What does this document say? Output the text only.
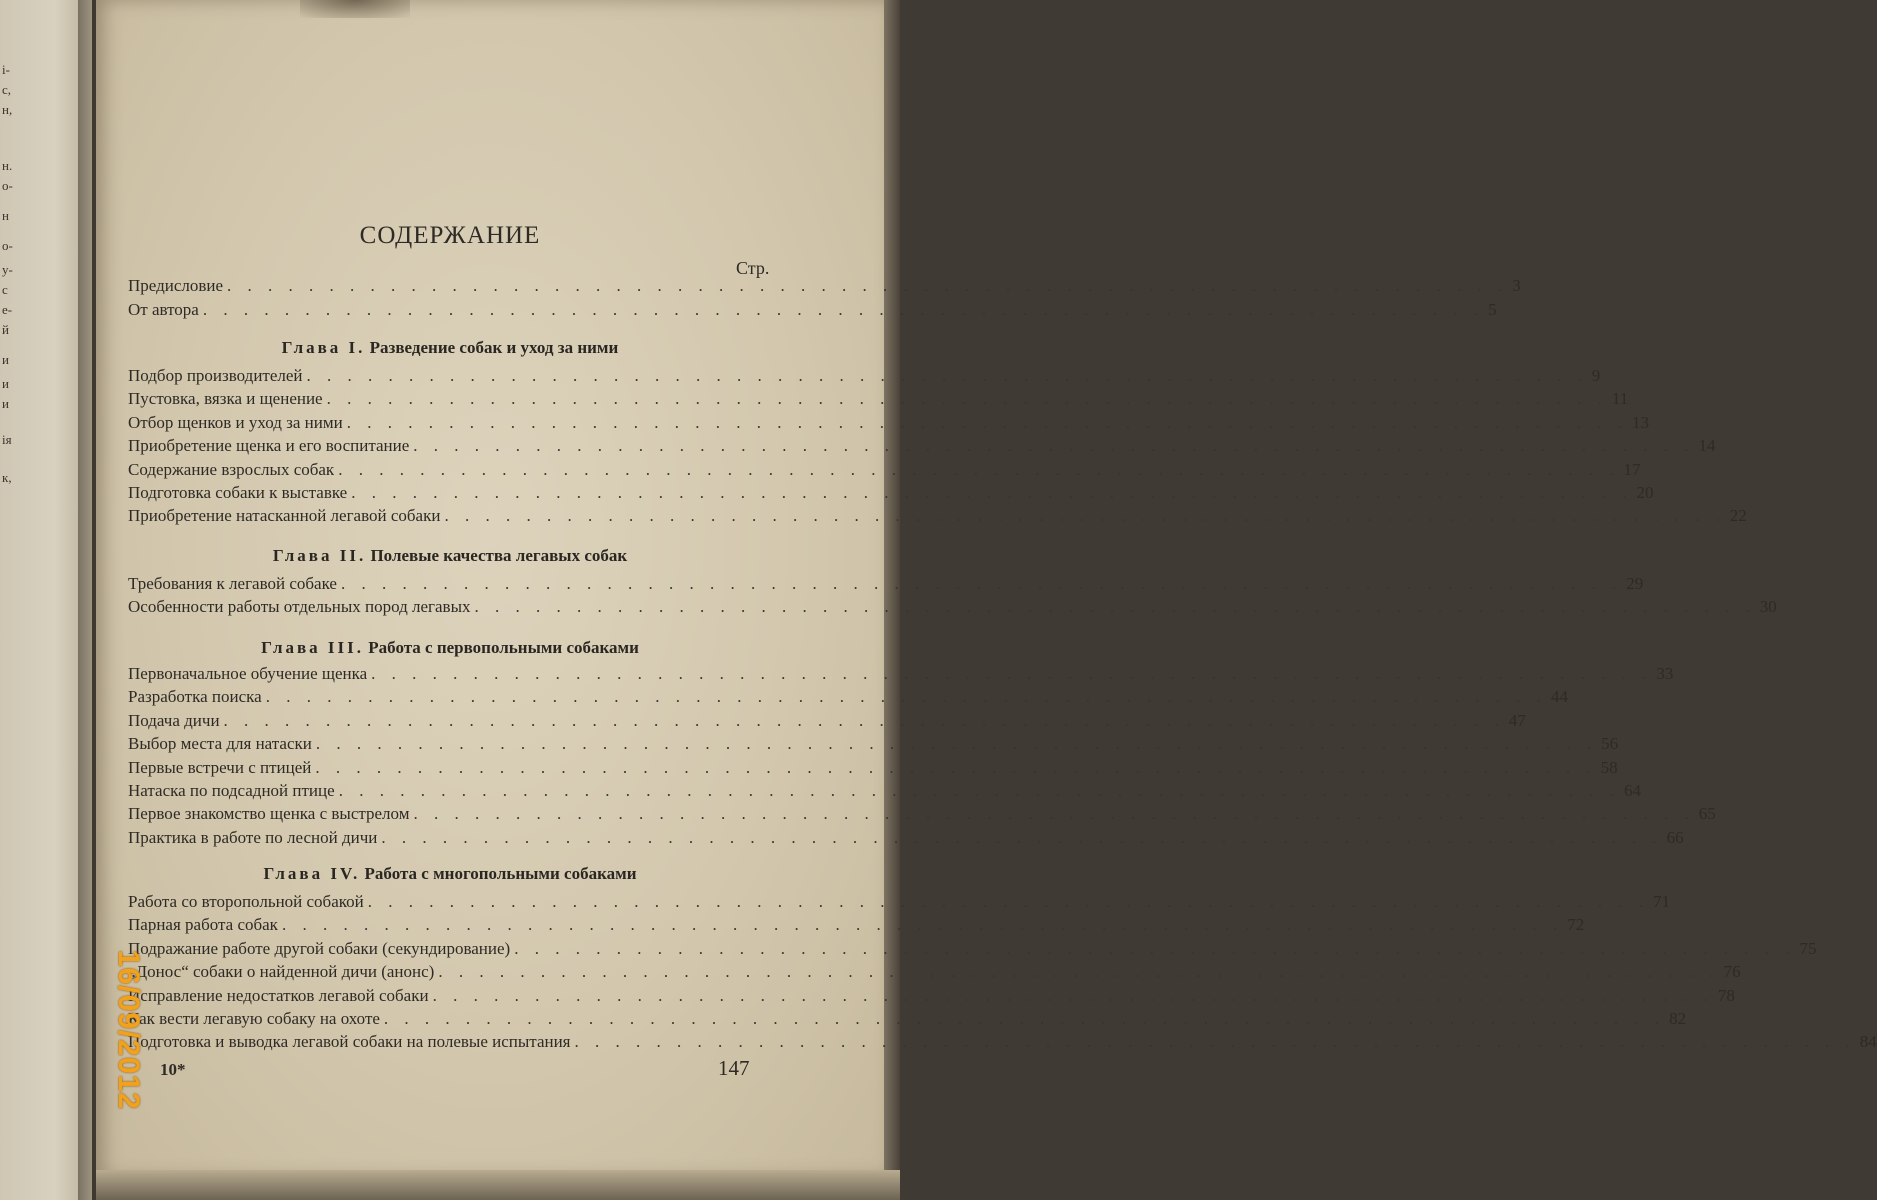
і-
с,
н,
н.
о-
н
о-
у-
с
е-
й
и
и
и
ія
к,
СОДЕРЖАНИЕ
Стр.
Предисловие . . . . . . . . . . . . . . . . . . . . . . . . . . . . . . . . . . . . . . . . . . . . . . . . . . . . . . . . . . . . . . . 3
От автора . . . . . . . . . . . . . . . . . . . . . . . . . . . . . . . . . . . . . . . . . . . . . . . . . . . . . . . . . . . . . . . 5
Глава I. Разведение собак и уход за ними
Подбор производителей . . . . . . . . . . . . . . . . . . . . . . . . . . . . . . . . . . . . . . . . . . . . . . . . . . . . . . . . . . . . . . . 9
Пустовка, вязка и щенение . . . . . . . . . . . . . . . . . . . . . . . . . . . . . . . . . . . . . . . . . . . . . . . . . . . . . . . . . . . . . . . 11
Отбор щенков и уход за ними . . . . . . . . . . . . . . . . . . . . . . . . . . . . . . . . . . . . . . . . . . . . . . . . . . . . . . . . . . . . . . . 13
Приобретение щенка и его воспитание . . . . . . . . . . . . . . . . . . . . . . . . . . . . . . . . . . . . . . . . . . . . . . . . . . . . . . . . . . . . . . . 14
Содержание взрослых собак . . . . . . . . . . . . . . . . . . . . . . . . . . . . . . . . . . . . . . . . . . . . . . . . . . . . . . . . . . . . . . . 17
Подготовка собаки к выставке . . . . . . . . . . . . . . . . . . . . . . . . . . . . . . . . . . . . . . . . . . . . . . . . . . . . . . . . . . . . . . . 20
Приобретение натасканной легавой собаки . . . . . . . . . . . . . . . . . . . . . . . . . . . . . . . . . . . . . . . . . . . . . . . . . . . . . . . . . . . . . . . 22
Глава II. Полевые качества легавых собак
Требования к легавой собаке . . . . . . . . . . . . . . . . . . . . . . . . . . . . . . . . . . . . . . . . . . . . . . . . . . . . . . . . . . . . . . . 29
Особенности работы отдельных пород легавых . . . . . . . . . . . . . . . . . . . . . . . . . . . . . . . . . . . . . . . . . . . . . . . . . . . . . . . . . . . . . . . 30
Глава III. Работа с первопольными собаками
Первоначальное обучение щенка . . . . . . . . . . . . . . . . . . . . . . . . . . . . . . . . . . . . . . . . . . . . . . . . . . . . . . . . . . . . . . . 33
Разработка поиска . . . . . . . . . . . . . . . . . . . . . . . . . . . . . . . . . . . . . . . . . . . . . . . . . . . . . . . . . . . . . . . 44
Подача дичи . . . . . . . . . . . . . . . . . . . . . . . . . . . . . . . . . . . . . . . . . . . . . . . . . . . . . . . . . . . . . . . 47
Выбор места для натаски . . . . . . . . . . . . . . . . . . . . . . . . . . . . . . . . . . . . . . . . . . . . . . . . . . . . . . . . . . . . . . . 56
Первые встречи с птицей . . . . . . . . . . . . . . . . . . . . . . . . . . . . . . . . . . . . . . . . . . . . . . . . . . . . . . . . . . . . . . . 58
Натаска по подсадной птице . . . . . . . . . . . . . . . . . . . . . . . . . . . . . . . . . . . . . . . . . . . . . . . . . . . . . . . . . . . . . . . 64
Первое знакомство щенка с выстрелом . . . . . . . . . . . . . . . . . . . . . . . . . . . . . . . . . . . . . . . . . . . . . . . . . . . . . . . . . . . . . . . 65
Практика в работе по лесной дичи . . . . . . . . . . . . . . . . . . . . . . . . . . . . . . . . . . . . . . . . . . . . . . . . . . . . . . . . . . . . . . . 66
Глава IV. Работа с многопольными собаками
Работа со второпольной собакой . . . . . . . . . . . . . . . . . . . . . . . . . . . . . . . . . . . . . . . . . . . . . . . . . . . . . . . . . . . . . . . 71
Парная работа собак . . . . . . . . . . . . . . . . . . . . . . . . . . . . . . . . . . . . . . . . . . . . . . . . . . . . . . . . . . . . . . . 72
Подражание работе другой собаки (секундирование) . . . . . . . . . . . . . . . . . . . . . . . . . . . . . . . . . . . . . . . . . . . . . . . . . . . . . . . . . . . . . . . 75
„Донос“ собаки о найденной дичи (анонс) . . . . . . . . . . . . . . . . . . . . . . . . . . . . . . . . . . . . . . . . . . . . . . . . . . . . . . . . . . . . . . . 76
Исправление недостатков легавой собаки . . . . . . . . . . . . . . . . . . . . . . . . . . . . . . . . . . . . . . . . . . . . . . . . . . . . . . . . . . . . . . . 78
Как вести легавую собаку на охоте . . . . . . . . . . . . . . . . . . . . . . . . . . . . . . . . . . . . . . . . . . . . . . . . . . . . . . . . . . . . . . . 82
Подготовка и выводка легавой собаки на полевые испытания . . . . . . . . . . . . . . . . . . . . . . . . . . . . . . . . . . . . . . . . . . . . . . . . . . . . . . . . . . . . . . . 84
10*	147
16/09/2012
